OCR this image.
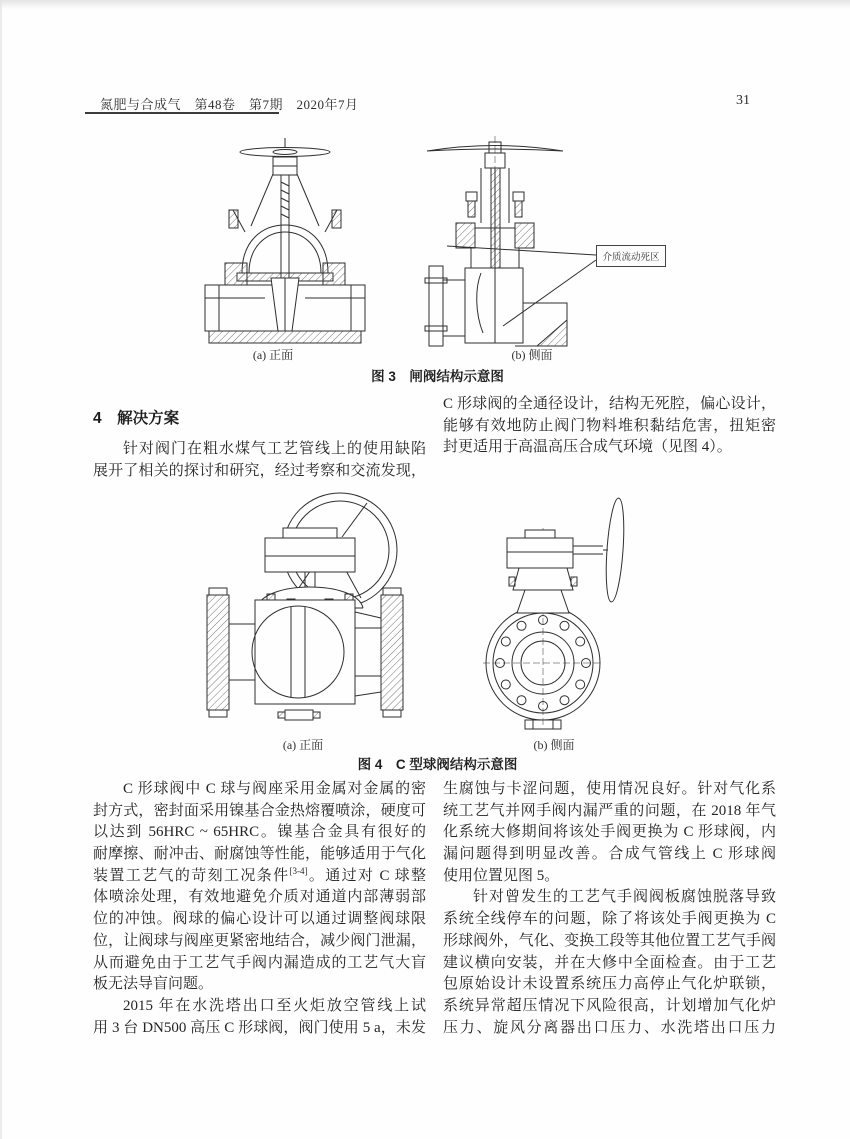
氮肥与合成气　第48卷　第7期　2020年7月	31
介质流动死区
(a) 正面	(b) 侧面
图 3　闸阀结构示意图
4　解决方案
针对阀门在粗水煤气工艺管线上的使用缺陷
展开了相关的探讨和研究，经过考察和交流发现，
C 形球阀的全通径设计，结构无死腔，偏心设计，
能够有效地防止阀门物料堆积黏结危害，扭矩密
封更适用于高温高压合成气环境（见图 4）。
(a) 正面	(b) 侧面
图 4　C 型球阀结构示意图
C 形球阀中 C 球与阀座采用金属对金属的密
封方式，密封面采用镍基合金热熔覆喷涂，硬度可
以达到 56HRC ~ 65HRC。镍基合金具有很好的
耐摩擦、耐冲击、耐腐蚀等性能，能够适用于气化
装置工艺气的苛刻工况条件[3-4]。通过对 C 球整
体喷涂处理，有效地避免介质对通道内部薄弱部
位的冲蚀。阀球的偏心设计可以通过调整阀球限
位，让阀球与阀座更紧密地结合，减少阀门泄漏，
从而避免由于工艺气手阀内漏造成的工艺气大盲
板无法导盲问题。
2015 年在水洗塔出口至火炬放空管线上试
用 3 台 DN500 高压 C 形球阀，阀门使用 5 a，未发
生腐蚀与卡涩问题，使用情况良好。针对气化系
统工艺气并网手阀内漏严重的问题，在 2018 年气
化系统大修期间将该处手阀更换为 C 形球阀，内
漏问题得到明显改善。合成气管线上 C 形球阀
使用位置见图 5。
针对曾发生的工艺气手阀阀板腐蚀脱落导致
系统全线停车的问题，除了将该处手阀更换为 C
形球阀外，气化、变换工段等其他位置工艺气手阀
建议横向安装，并在大修中全面检查。由于工艺
包原始设计未设置系统压力高停止气化炉联锁，
系统异常超压情况下风险很高，计划增加气化炉
压力、旋风分离器出口压力、水洗塔出口压力
